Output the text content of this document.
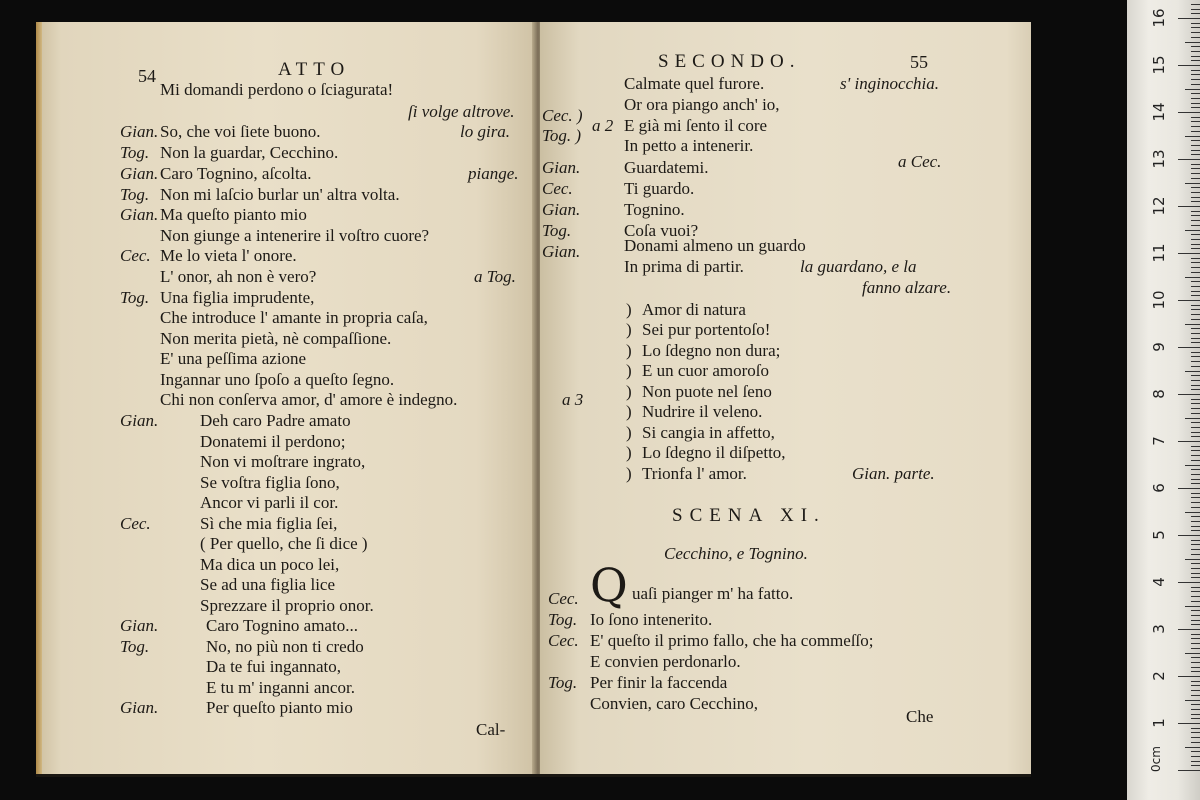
54	ATTO
Mi domandi perdono o ſciagurata!
ſi volge altrove.
Gian. So, che voi ſiete buono.	lo gira.
Tog. Non la guardar, Cecchino.
Gian. Caro Tognino, aſcolta.	piange.
Tog. Non mi laſcio burlar un' altra volta.
Gian. Ma queſto pianto mio
Non giunge a intenerire il voſtro cuore?
Cec. Me lo vieta l' onore.
L' onor, ah non è vero?	a Tog.
Tog. Una figlia imprudente,
Che introduce l' amante in propria caſa,
Non merita pietà, nè compaſſione.
E' una peſſima azione
Ingannar uno ſpoſo a queſto ſegno.
Chi non conſerva amor, d' amore è indegno.
Gian. Deh caro Padre amato
Donatemi il perdono;
Non vi moſtrare ingrato,
Se voſtra figlia ſono,
Ancor vi parli il cor.
Cec.	Sì che mia figlia ſei,
( Per quello, che ſi dice )
Ma dica un poco lei,
Se ad una figlia lice
Sprezzare il proprio onor.
Gian.	Caro Tognino amato...
Tog.	No, no più non ti credo
Da te fui ingannato,
E tu m' inganni ancor.
Gian.	Per queſto pianto mio
Cal-
SECONDO.	55
Calmate quel furore.	s' inginocchia.
Cec. )
Or ora piango anch' io,
a 2 E già mi ſento il core
Tog. )
In petto a intenerir.
Gian.	Guardatemi.	a Cec.
Cec.	Ti guardo.
Gian.	Tognino.
Tog.	Coſa vuoi?
Gian.	Donami almeno un guardo
In prima di partir.	la guardano, e la
fanno alzare.
a 3
) Amor di natura
) Sei pur portentoſo!
) Lo ſdegno non dura;
) E un cuor amoroſo
) Non puote nel ſeno
) Nudrire il veleno.
) Si cangia in affetto,
) Lo ſdegno il diſpetto,
) Trionfa l' amor.	Gian. parte.
SCENA XI.
Cecchino, e Tognino.
Cec. Q uaſi pianger m' ha fatto.
Tog. Io ſono intenerito.
Cec. E' queſto il primo fallo, che ha commeſſo;
E convien perdonarlo.
Tog. Per finir la faccenda
Convien, caro Cecchino,
Che
0cm
16
15
14
13
12
11
10
9
8
7
6
5
4
3
2
1
